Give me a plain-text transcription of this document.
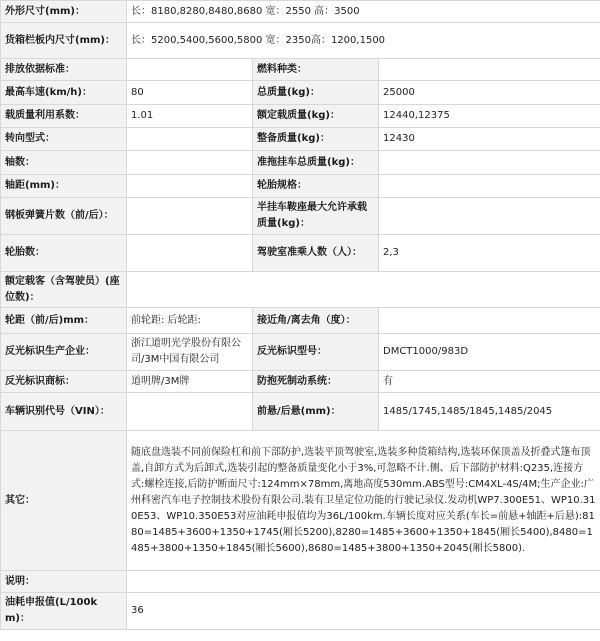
外形尺寸(mm)：	长：8180,8280,8480,8680 宽：2550 高：3500		
货箱栏板内尺寸(mm)：	长：5200,5400,5600,5800 宽：2350高：1200,1500		
排放依据标准：		燃料种类：	
最高车速(km/h)：	80	总质量(kg)：	25000
载质量利用系数：	1.01	额定载质量(kg)：	12440,12375
转向型式：		整备质量(kg)：	12430
轴数：		准拖挂车总质量(kg)：	
轴距(mm)：		轮胎规格：	
钢板弹簧片数（前/后）：		半挂车鞍座最大允许承载质量(kg)：	
轮胎数：		驾驶室准乘人数（人）：	2,3
额定载客（含驾驶员）(座位数)：			
轮距（前/后)mm：	前轮距: 后轮距:	接近角/离去角（度）：	
反光标识生产企业：	浙江道明光学股份有限公司/3M中国有限公司	反光标识型号：	DMCT1000/983D
反光标识商标：	道明牌/3M牌	防抱死制动系统：	有
车辆识别代号（VIN）：		前悬/后悬(mm)：	1485/1745,1485/1845,1485/2045
其它：	随底盘选装不同前保险杠和前下部防护,选装平顶驾驶室,选装多种货箱结构,选装环保顶盖及折叠式篷布顶盖,自卸方式为后卸式,选装引起的整备质量变化小于3%,可忽略不计.侧、后下部防护材料:Q235,连接方式:螺栓连接,后防护断面尺寸:124mm×78mm,离地高度530mm.ABS型号:CM4XL-4S/4M;生产企业:广州科密汽车电子控制技术股份有限公司.装有卫星定位功能的行驶记录仪.发动机WP7.300E51、WP10.310E53、WP10.350E53对应油耗申报值均为36L/100km.车辆长度对应关系(车长=前悬+轴距+后悬):8180=1485+3600+1350+1745(厢长5200),8280=1485+3600+1350+1845(厢长5400),8480=1485+3800+1350+1845(厢长5600),8680=1485+3800+1350+2045(厢长5800).		
说明：			
油耗申报值(L/100km)：	36		
